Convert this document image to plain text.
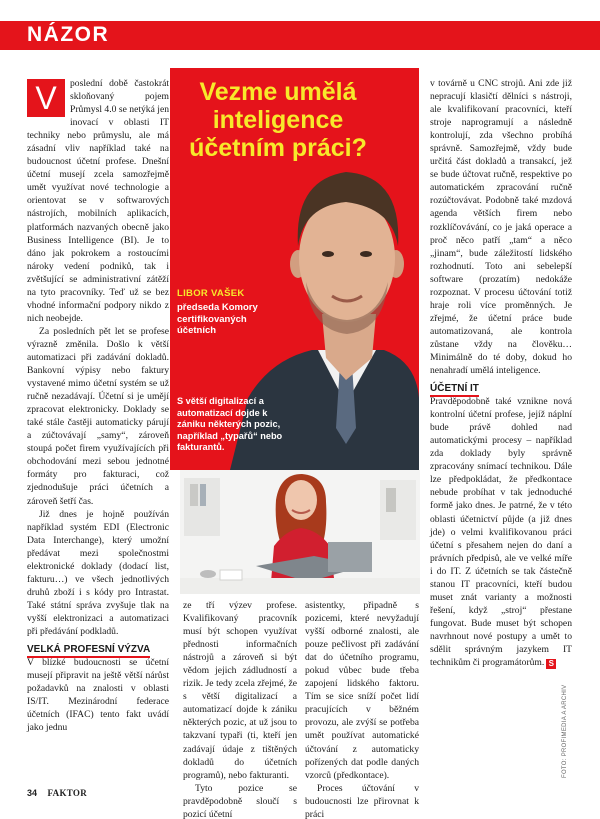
NÁZOR

V	poslední době častokrát skloňovaný pojem Průmysl 4.0 se netýká jen inovací v oblasti IT techniky nebo průmyslu, ale má zásadní vliv například také na budoucnost účetní profese. Dnešní účetní musejí zcela samozřejmě umět využívat nové technologie a orientovat se v softwarových nástrojích, mobilních aplikacích, platformách nazvaných obecně jako Business Intelligence (BI). Je to dáno jak pokrokem a rostoucími nároky vedení podniků, tak i zvětšující se administrativní zátěží na tyto pracovníky. Teď už se bez vhodné informační podpory nikdo z nich neobejde.

Za posledních pět let se profese výrazně změnila. Došlo k větší automatizaci při zadávání dokladů. Bankovní výpisy nebo faktury vystavené mimo účetní systém se už ručně nezadávají. Účetní si je umějí zpracovat elektronicky. Doklady se také stále častěji automaticky párují a zúčtovávají „samy“, zároveň stoupá počet firem využívajících při obchodování mezi sebou jednotné formáty pro fakturaci, což zjednodušuje práci účetních a zároveň šetří čas.

Již dnes je hojně používán například systém EDI (Electronic Data Interchange), který umožní předávat mezi společnostmi elektronické doklady (dodací list, fakturu…) ve všech jednotlivých druhů zboží i s kódy pro Intrastat. Také státní správa zvyšuje tlak na vyšší elektronizaci a automatizaci při předávání podkladů.

VELKÁ PROFESNÍ VÝZVA

V blízké budoucnosti se účetní musejí připravit na ještě větší nárůst požadavků na znalosti v oblasti IS/IT. Mezinárodní federace účetních (IFAC) tento fakt uvádí jako jednu

Vezme umělá inteligence účetním práci?
LIBOR VAŠEK
předseda Komory certifikovaných účetních
S větší digitalizací a automatizací dojde k zániku některých pozic, například „typařů“ nebo fakturantů.

ze tří výzev profese. Kvalifikovaný pracovník musí být schopen využívat přednosti informačních nástrojů a zároveň si být vědom jejich zádludností a rizik. Je tedy zcela zřejmé, že s větší digitalizací a automatizací dojde k zániku některých pozic, at už jsou to takzvaní typaři (ti, kteří jen zadávají údaje z tištěných dokladů do účetních programů), nebo fakturanti.

Tyto pozice se pravděpodobně sloučí s pozicí účetní

asistentky, připadně s pozicemi, které nevyžadují vyšší odborné znalosti, ale pouze pečlivost při zadávání dat do účetního programu, pokud vůbec bude třeba zapojení lidského faktoru. Tím se sice sníží počet lidí pracujících v běžném provozu, ale zvýší se potřeba umět používat automatické účtování z automaticky pořízených dat podle daných vzorců (předkontace).

Proces účtování v budoucnosti lze přirovnat k práci

v továrně u CNC strojů. Ani zde již nepracují klasičtí dělníci s nástroji, ale kvalifikovaní pracovníci, kteří stroje naprogramují a následně kontrolují, zda všechno probíhá správně. Samozřejmě, vždy bude určitá část dokladů a transakcí, jež se bude účtovat ručně, respektive po automatickém zpracování ručně rozúčtovávat. Podobně také mzdová agenda větších firem nebo rozklíčovávání, co je jaká operace a proč něco patří „tam“ a něco „jinam“, bude záležitostí lidského rozhodnutí. Toto ani sebelepší software (prozatím) nedokáže rozpoznat. V procesu účtování totiž hraje roli více proměnných. Je zřejmé, že účetní práce bude automatizovaná, ale kontrola zůstane vždy na člověku… Minimálně do té doby, dokud ho nenahradí umělá inteligence.

ÚČETNÍ IT

Pravděpodobně také vznikne nová kontrolní účetní profese, jejíž náplní bude právě dohled nad automatickými procesy – například zda doklady byly správně zpracovány snímací technikou. Dále lze předpokládat, že předkontace nebude probíhat v tak jednoduché formě jako dnes. Je patrné, že v této oblasti účetnictví půjde (a již dnes jde) o velmi kvalifikovanou práci účetní s přesahem nejen do daní a právních předpisů, ale ve velké míře i do IT. Z účetních se tak částečně stanou IT pracovníci, kteří budou muset znát varianty a možnosti řešení, když „stroj“ přestane fungovat. Bude muset být schopen navrhnout nové postupy a umět to sdělit správným jazykem IT technikům či programátorům. S

34 FAKTOR
FOTO: PROFIMEDIA A ARCHIV
